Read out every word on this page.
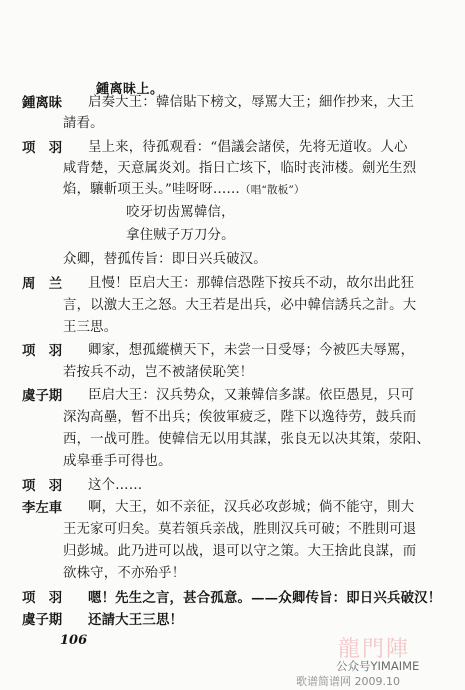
鍾离昧上。
鍾离昧 启奏大王：韓信貼下榜文，辱罵大王；細作抄来，大王
請看。
项　羽 呈上来，待孤观看：“倡議会諸侯，先将无道收。人心
咸背楚，天意属炎刘。指日亡垓下，临时丧沛楼。劍光生烈
焰，驤斬项王头。”哇呀呀……（唱“散板”）
咬牙切齿罵韓信，
拿住贼子万刀分。
众卿，替孤传旨：即日兴兵破汉。
周　兰 且慢！臣启大王：那韓信恐陛下按兵不动，故尔出此狂
言，以激大王之怒。大王若是出兵，必中韓信誘兵之計。大
王三思。
项　羽 卿家，想孤縱横天下，未尝一日受辱；今被匹夫辱罵，
若按兵不动，岂不被諸侯恥笑！
虞子期 臣启大王：汉兵势众，又兼韓信多謀。依臣愚見，只可
深沟高壘，暂不出兵；俟彼軍疲乏，陛下以逸待劳，鼓兵而
西，一战可胜。使韓信无以用其謀，张良无以决其策，荥阳、
成皋垂手可得也。
项　羽 这个……
李左車 啊，大王，如不亲征，汉兵必攻彭城；倘不能守，則大
王无家可归矣。莫若領兵亲战，胜則汉兵可破；不胜則可退
归彭城。此乃进可以战，退可以守之策。大王捨此良謀，而
欲株守，不亦殆乎！
项　羽 嗯！先生之言，甚合孤意。——众卿传旨：即日兴兵破汉！
虞子期 还請大王三思！
106	龍門陣
公众号YIMAIME
歌谱简谱网 2009.10
